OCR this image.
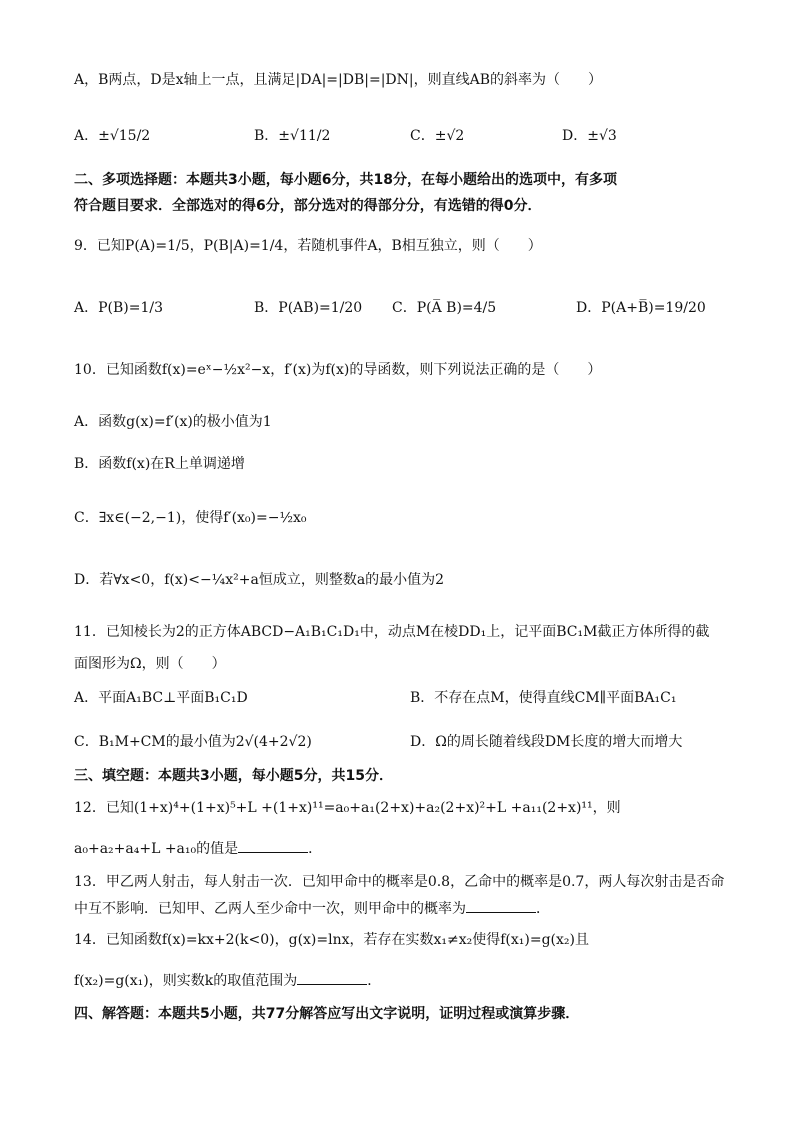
A，B两点，D是x轴上一点，且满足|DA|=|DB|=|DN|，则直线AB的斜率为（　　）
A．±√15/2	B．±√11/2	C．±√2	D．±√3
二、多项选择题：本题共3小题，每小题6分，共18分，在每小题给出的选项中，有多项
符合题目要求．全部选对的得6分，部分选对的得部分分，有选错的得0分．
9．已知P(A)=1/5，P(B|A)=1/4，若随机事件A，B相互独立，则（　　）
A．P(B)=1/3	B．P(AB)=1/20 C．P(A̅ B)=4/5	D．P(A+B̅)=19/20
10．已知函数f(x)=eˣ−½x²−x，f′(x)为f(x)的导函数，则下列说法正确的是（　　）
A．函数g(x)=f′(x)的极小值为1
B．函数f(x)在R上单调递增
C．∃x∈(−2,−1)，使得f′(x₀)=−½x₀
D．若∀x<0，f(x)<−¼x²+a恒成立，则整数a的最小值为2
11．已知棱长为2的正方体ABCD−A₁B₁C₁D₁中，动点M在棱DD₁上，记平面BC₁M截正方体所得的截
面图形为Ω，则（　　）
A．平面A₁BC⊥平面B₁C₁D	B．不存在点M，使得直线CM∥平面BA₁C₁
C．B₁M+CM的最小值为2√(4+2√2)	D．Ω的周长随着线段DM长度的增大而增大
三、填空题：本题共3小题，每小题5分，共15分．
12．已知(1+x)⁴+(1+x)⁵+L +(1+x)¹¹=a₀+a₁(2+x)+a₂(2+x)²+L +a₁₁(2+x)¹¹，则
a₀+a₂+a₄+L +a₁₀的值是	．
13．甲乙两人射击，每人射击一次．已知甲命中的概率是0.8，乙命中的概率是0.7，两人每次射击是否命
中互不影响．已知甲、乙两人至少命中一次，则甲命中的概率为	．
14．已知函数f(x)=kx+2(k<0)，g(x)=lnx，若存在实数x₁≠x₂使得f(x₁)=g(x₂)且
f(x₂)=g(x₁)，则实数k的取值范围为	．
四、解答题：本题共5小题，共77分解答应写出文字说明，证明过程或演算步骤．
